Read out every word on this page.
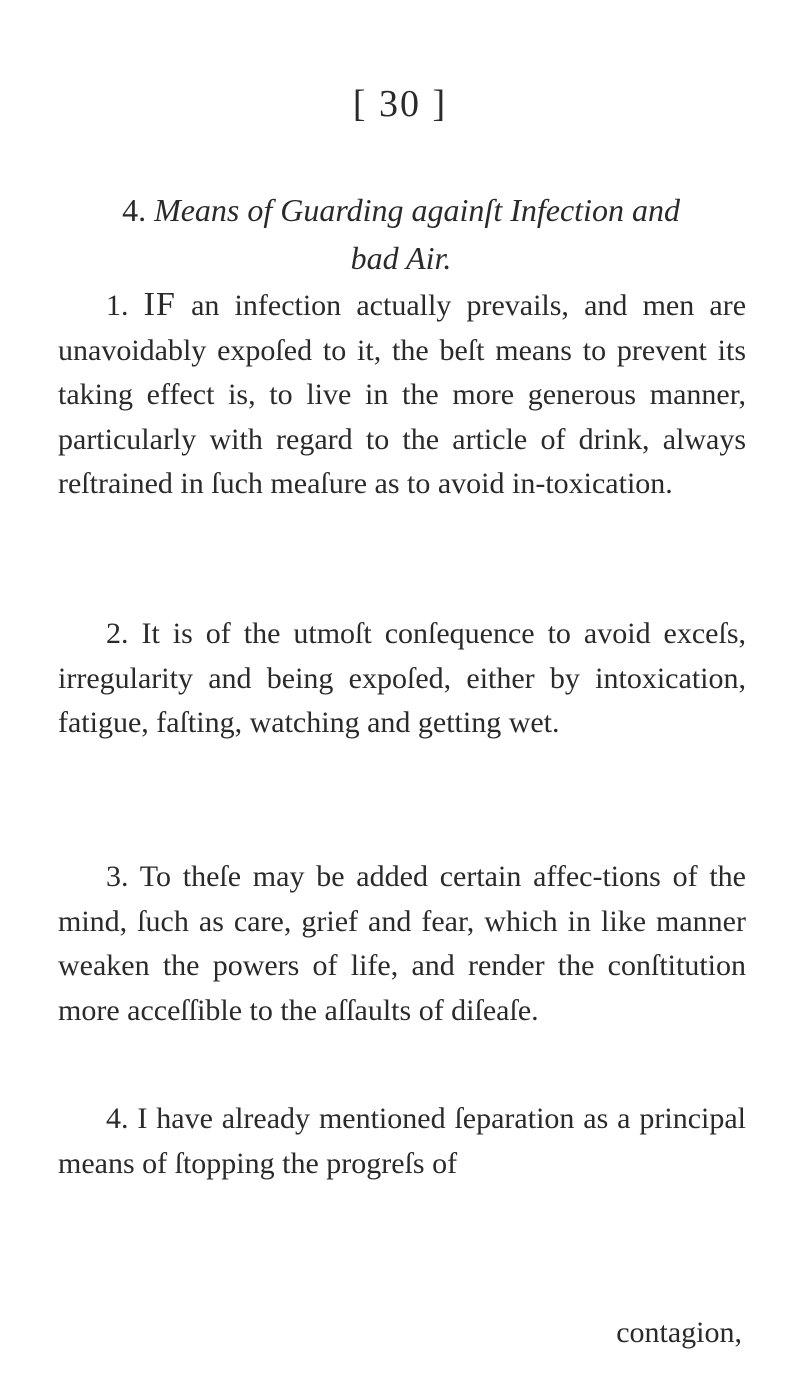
[ 30 ]
4. Means of Guarding againſt Infection and
bad Air.
1. IF an infection actually prevails, and men are unavoidably expoſed to it, the beſt means to prevent its taking effect is, to live in the more generous manner, particularly with regard to the article of drink, always reſtrained in ſuch meaſure as to avoid in-toxication.
2. It is of the utmoſt conſequence to avoid exceſs, irregularity and being expoſed, either by intoxication, fatigue, faſting, watching and getting wet.
3. To theſe may be added certain affec-tions of the mind, ſuch as care, grief and fear, which in like manner weaken the powers of life, and render the conſtitution more acceſſible to the aſſaults of diſeaſe.
4. I have already mentioned ſeparation as a principal means of ſtopping the progreſs of
contagion,
